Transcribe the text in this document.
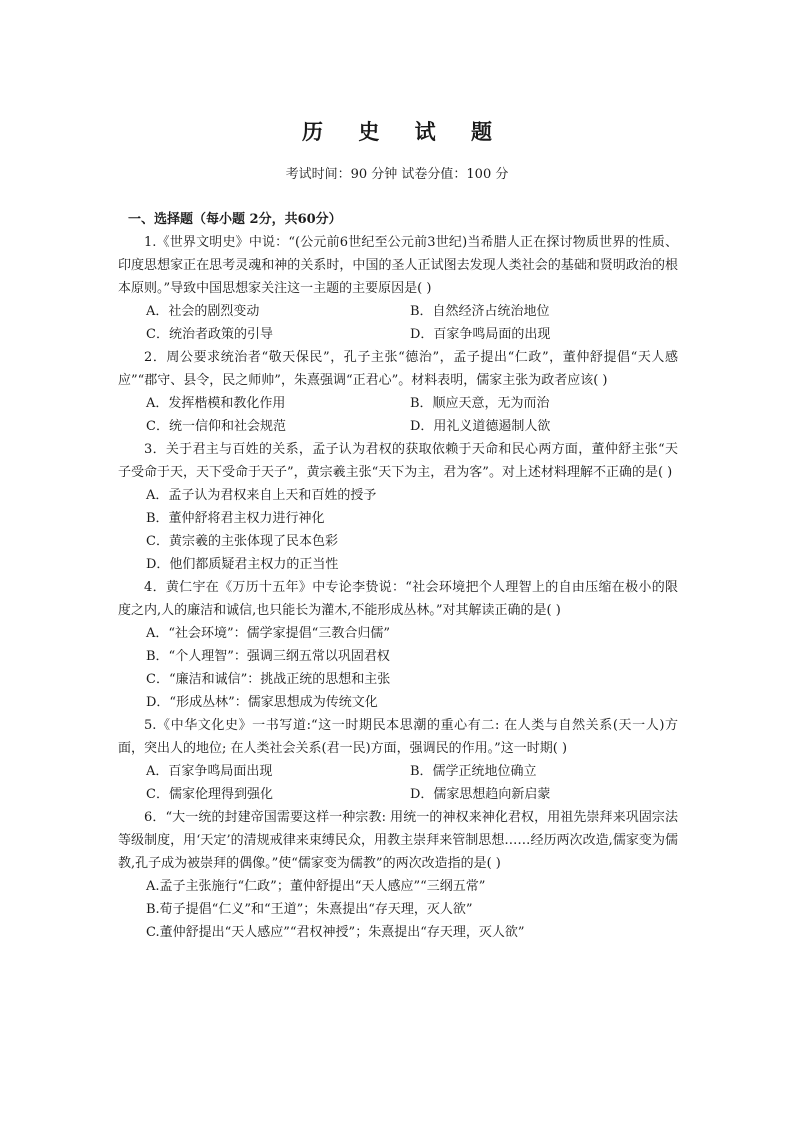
历 史 试 题
考试时间：90 分钟 试卷分值：100 分
一、选择题（每小题 2分，共60分）

1.《世界文明史》中说：“(公元前6世纪至公元前3世纪)当希腊人正在探讨物质世界的性质、印度思想家正在思考灵魂和神的关系时，中国的圣人正试图去发现人类社会的基础和贤明政治的根本原则。”导致中国思想家关注这一主题的主要原因是( )

A．社会的剧烈变动	B．自然经济占统治地位
C．统治者政策的引导	D．百家争鸣局面的出现

2．周公要求统治者“敬天保民”，孔子主张“德治”，孟子提出“仁政”，董仲舒提倡“天人感应”“郡守、县令，民之师帅”，朱熹强调“正君心”。材料表明，儒家主张为政者应该( )

A．发挥楷模和教化作用	B．顺应天意，无为而治
C．统一信仰和社会规范	D．用礼义道德遏制人欲

3．关于君主与百姓的关系，孟子认为君权的获取依赖于天命和民心两方面，董仲舒主张“天子受命于天，天下受命于天子”，黄宗羲主张“天下为主，君为客”。对上述材料理解不正确的是( )

A．孟子认为君权来自上天和百姓的授予

B．董仲舒将君主权力进行神化

C．黄宗羲的主张体现了民本色彩

D．他们都质疑君主权力的正当性

4．黄仁宇在《万历十五年》中专论李贽说：“社会环境把个人理智上的自由压缩在极小的限度之内,人的廉洁和诚信,也只能长为灌木,不能形成丛林。”对其解读正确的是( )

A．“社会环境”：儒学家提倡“三教合归儒”

B．“个人理智”：强调三纲五常以巩固君权

C．“廉洁和诚信”：挑战正统的思想和主张

D．“形成丛林”：儒家思想成为传统文化

5.《中华文化史》一书写道:“这一时期民本思潮的重心有二: 在人类与自然关系(天一人)方面，突出人的地位; 在人类社会关系(君一民)方面，强调民的作用。”这一时期( )

A．百家争鸣局面出现	B．儒学正统地位确立
C．儒家伦理得到强化	D．儒家思想趋向新启蒙

6．“大一统的封建帝国需要这样一种宗教: 用统一的神权来神化君权，用祖先崇拜来巩固宗法等级制度，用‘天定’的清规戒律来束缚民众，用教主崇拜来管制思想……经历两次改造,儒家变为儒教,孔子成为被崇拜的偶像。”使“儒家变为儒教”的两次改造指的是( )

A.孟子主张施行“仁政”；董仲舒提出“天人感应”“三纲五常”

B.荀子提倡“仁义”和“王道”；朱熹提出“存天理，灭人欲”

C.董仲舒提出“天人感应”“君权神授”；朱熹提出“存天理，灭人欲”
